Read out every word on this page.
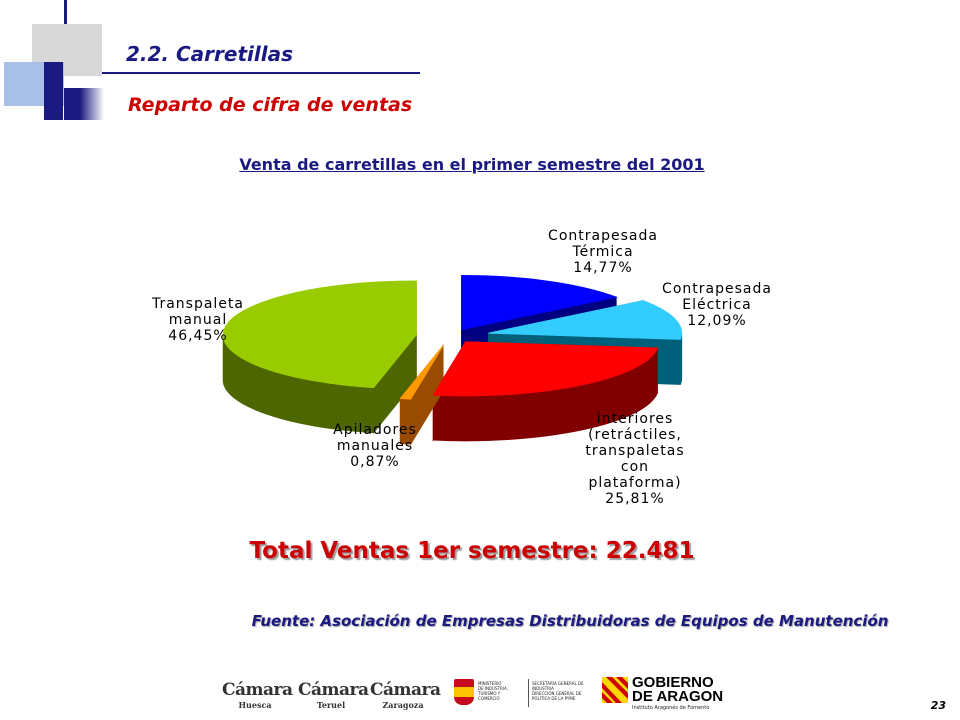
2.2. Carretillas
Reparto de cifra de ventas
Venta de carretillas en el primer semestre del 2001
Contrapesada
Térmica
14,77%
Contrapesada
Eléctrica
12,09%
Interiores
(retráctiles,
transpaletas
con
plataforma)
25,81%
Apiladores
manuales
0,87%
Transpaleta
manual
46,45%
Total Ventas 1er semestre: 22.481
Fuente: Asociación de Empresas Distribuidoras de Equipos de Manutención
Cámara
Huesca
Cámara
Teruel
Cámara
Zaragoza
MINISTERIO
DE INDUSTRIA,
TURISMO Y
COMERCIO
SECRETARÍA GENERAL DE
INDUSTRIA
DIRECCIÓN GENERAL DE
POLÍTICA DE LA PYME
GOBIERNO
DE ARAGON
Instituto Aragonés de Fomento	23
